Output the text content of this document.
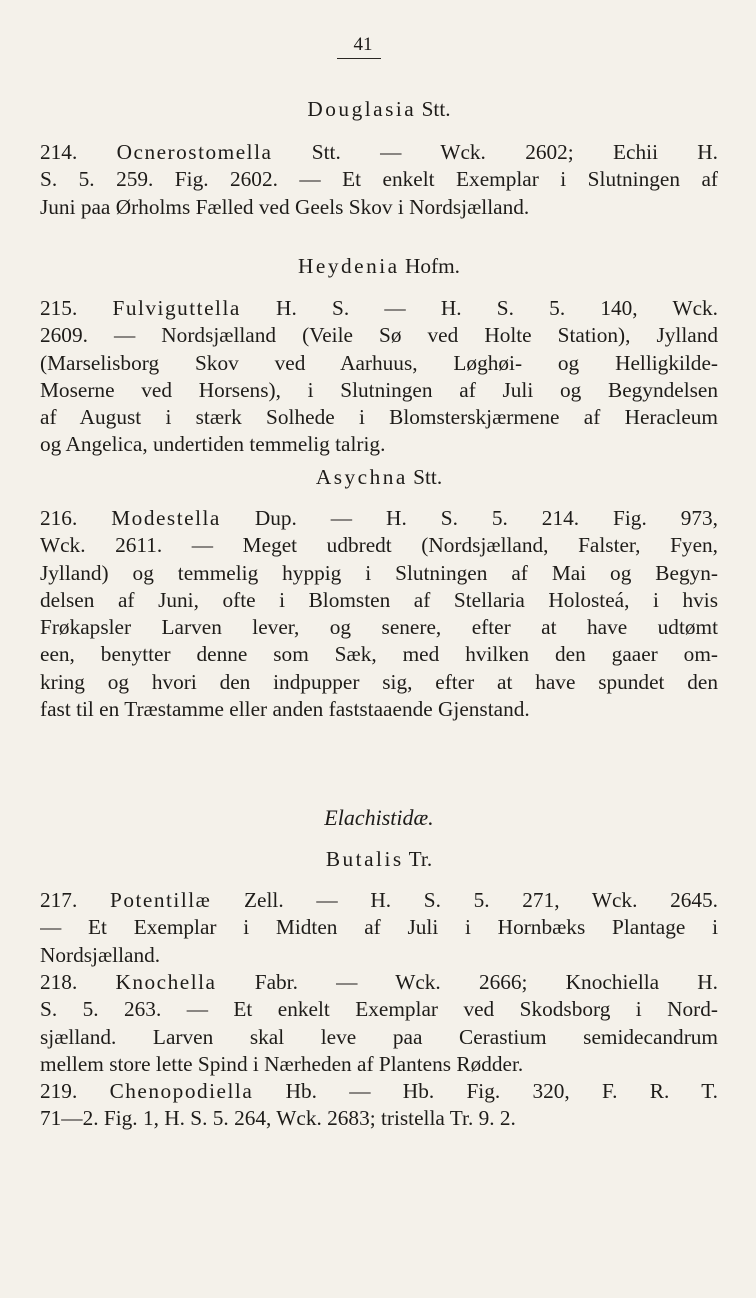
41
Douglasia Stt.
214. Ocnerostomella Stt. — Wck. 2602; Echii H.
S. 5. 259. Fig. 2602. — Et enkelt Exemplar i Slutningen af
Juni paa Ørholms Fælled ved Geels Skov i Nordsjælland.
Heydenia Hofm.
215. Fulviguttella H. S. — H. S. 5. 140, Wck.
2609. — Nordsjælland (Veile Sø ved Holte Station), Jylland
(Marselisborg Skov ved Aarhuus, Løghøi- og Helligkilde-
Moserne ved Horsens), i Slutningen af Juli og Begyndelsen
af August i stærk Solhede i Blomsterskjærmene af Heracleum
og Angelica, undertiden temmelig talrig.
Asychna Stt.
216. Modestella Dup. — H. S. 5. 214. Fig. 973,
Wck. 2611. — Meget udbredt (Nordsjælland, Falster, Fyen,
Jylland) og temmelig hyppig i Slutningen af Mai og Begyn-
delsen af Juni, ofte i Blomsten af Stellaria Holosteá, i hvis
Frøkapsler Larven lever, og senere, efter at have udtømt
een, benytter denne som Sæk, med hvilken den gaaer om-
kring og hvori den indpupper sig, efter at have spundet den
fast til en Træstamme eller anden faststaaende Gjenstand.
Elachistidæ.
Butalis Tr.
217. Potentillæ Zell. — H. S. 5. 271, Wck. 2645.
— Et Exemplar i Midten af Juli i Hornbæks Plantage i
Nordsjælland.
218. Knochella Fabr. — Wck. 2666; Knochiella H.
S. 5. 263. — Et enkelt Exemplar ved Skodsborg i Nord-
sjælland. Larven skal leve paa Cerastium semidecandrum
mellem store lette Spind i Nærheden af Plantens Rødder.
219. Chenopodiella Hb. — Hb. Fig. 320, F. R. T.
71—2. Fig. 1, H. S. 5. 264, Wck. 2683; tristella Tr. 9. 2.
